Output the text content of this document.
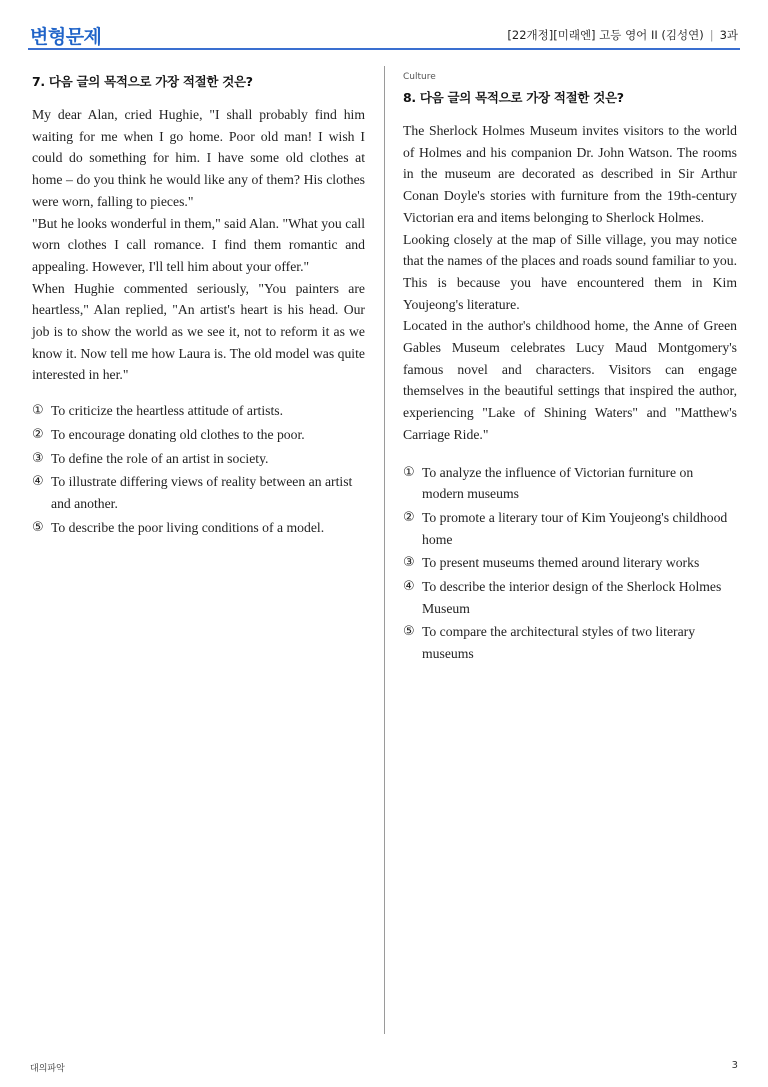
변형문제	[22개정][미래엔] 고등 영어 II (김성연) | 3과
7. 다음 글의 목적으로 가장 적절한 것은?

My dear Alan, cried Hughie, "I shall probably find him waiting for me when I go home. Poor old man! I wish I could do something for him. I have some old clothes at home – do you think he would like any of them? His clothes were worn, falling to pieces."

"But he looks wonderful in them," said Alan. "What you call worn clothes I call romance. I find them romantic and appealing. However, I'll tell him about your offer."

When Hughie commented seriously, "You painters are heartless," Alan replied, "An artist's heart is his head. Our job is to show the world as we see it, not to reform it as we know it. Now tell me how Laura is. The old model was quite interested in her."

① To criticize the heartless attitude of artists.
② To encourage donating old clothes to the poor.
③ To define the role of an artist in society.
④ To illustrate differing views of reality between an artist and another.
⑤ To describe the poor living conditions of a model.
Culture
8. 다음 글의 목적으로 가장 적절한 것은?

The Sherlock Holmes Museum invites visitors to the world of Holmes and his companion Dr. John Watson. The rooms in the museum are decorated as described in Sir Arthur Conan Doyle's stories with furniture from the 19th-century Victorian era and items belonging to Sherlock Holmes.

Looking closely at the map of Sille village, you may notice that the names of the places and roads sound familiar to you. This is because you have encountered them in Kim Youjeong's literature.

Located in the author's childhood home, the Anne of Green Gables Museum celebrates Lucy Maud Montgomery's famous novel and characters. Visitors can engage themselves in the beautiful settings that inspired the author, experiencing "Lake of Shining Waters" and "Matthew's Carriage Ride."

① To analyze the influence of Victorian furniture on modern museums
② To promote a literary tour of Kim Youjeong's childhood home
③ To present museums themed around literary works
④ To describe the interior design of the Sherlock Holmes Museum
⑤ To compare the architectural styles of two literary museums
대의파악	3
